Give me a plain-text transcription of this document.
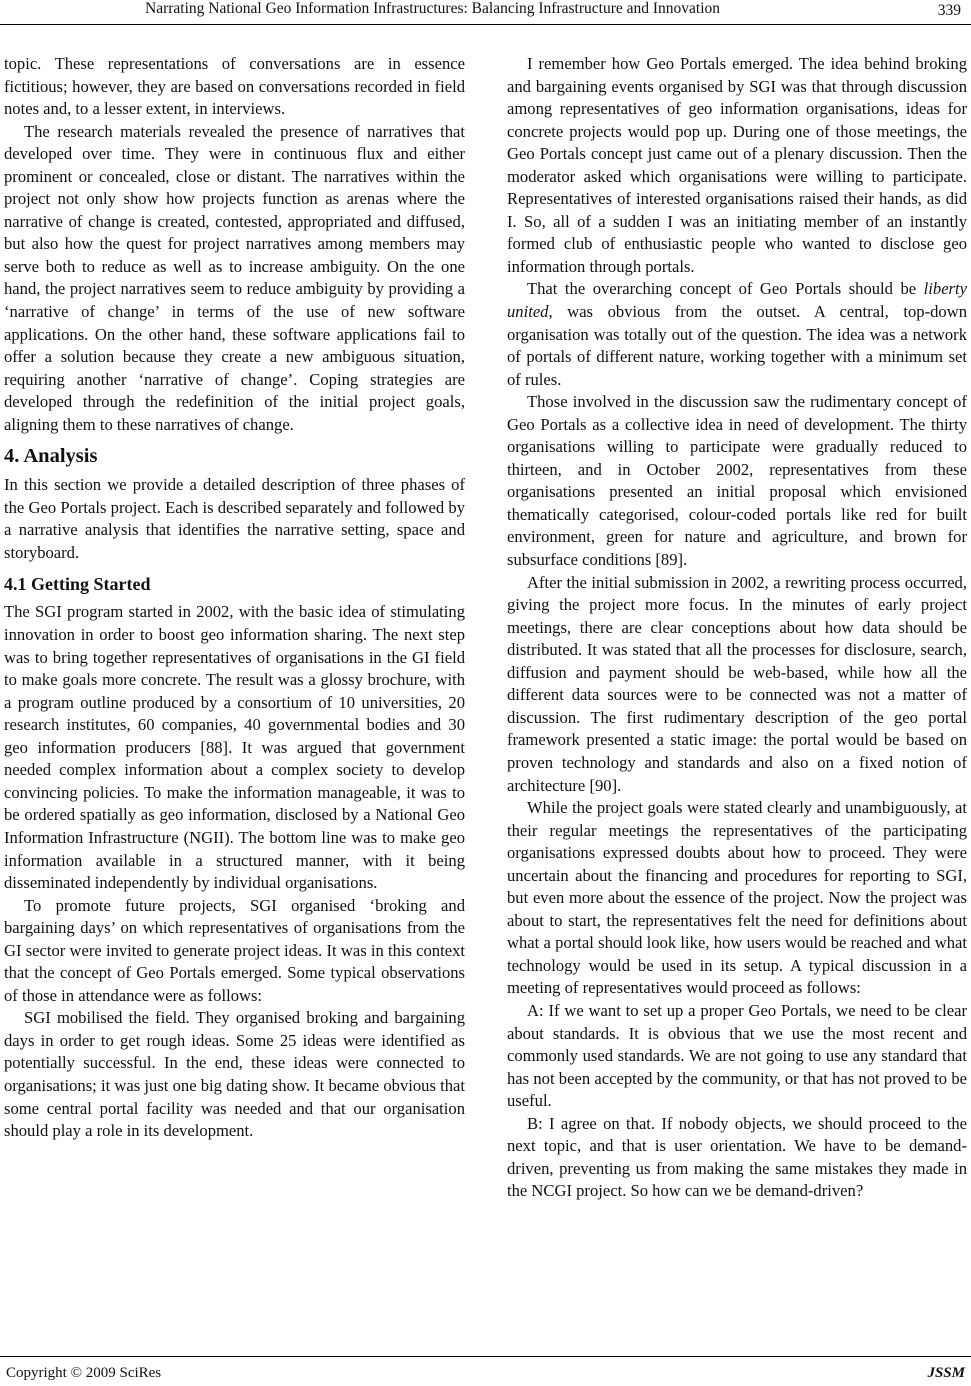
Narrating National Geo Information Infrastructures: Balancing Infrastructure and Innovation	339

topic. These representations of conversations are in essence fictitious; however, they are based on conversations recorded in field notes and, to a lesser extent, in interviews.

The research materials revealed the presence of narratives that developed over time. They were in continuous flux and either prominent or concealed, close or distant. The narratives within the project not only show how projects function as arenas where the narrative of change is created, contested, appropriated and diffused, but also how the quest for project narratives among members may serve both to reduce as well as to increase ambiguity. On the one hand, the project narratives seem to reduce ambiguity by providing a ‘narrative of change’ in terms of the use of new software applications. On the other hand, these software applications fail to offer a solution because they create a new ambiguous situation, requiring another ‘narrative of change’. Coping strategies are developed through the redefinition of the initial project goals, aligning them to these narratives of change.

4. Analysis

In this section we provide a detailed description of three phases of the Geo Portals project. Each is described separately and followed by a narrative analysis that identifies the narrative setting, space and storyboard.

4.1 Getting Started

The SGI program started in 2002, with the basic idea of stimulating innovation in order to boost geo information sharing. The next step was to bring together representatives of organisations in the GI field to make goals more concrete. The result was a glossy brochure, with a program outline produced by a consortium of 10 universities, 20 research institutes, 60 companies, 40 governmental bodies and 30 geo information producers [88]. It was argued that government needed complex information about a complex society to develop convincing policies. To make the information manageable, it was to be ordered spatially as geo information, disclosed by a National Geo Information Infrastructure (NGII). The bottom line was to make geo information available in a structured manner, with it being disseminated independently by individual organisations.

To promote future projects, SGI organised ‘broking and bargaining days’ on which representatives of organisations from the GI sector were invited to generate project ideas. It was in this context that the concept of Geo Portals emerged. Some typical observations of those in attendance were as follows:

SGI mobilised the field. They organised broking and bargaining days in order to get rough ideas. Some 25 ideas were identified as potentially successful. In the end, these ideas were connected to organisations; it was just one big dating show. It became obvious that some central portal facility was needed and that our organisation should play a role in its development.

I remember how Geo Portals emerged. The idea behind broking and bargaining events organised by SGI was that through discussion among representatives of geo information organisations, ideas for concrete projects would pop up. During one of those meetings, the Geo Portals concept just came out of a plenary discussion. Then the moderator asked which organisations were willing to participate. Representatives of interested organisations raised their hands, as did I. So, all of a sudden I was an initiating member of an instantly formed club of enthusiastic people who wanted to disclose geo information through portals.

That the overarching concept of Geo Portals should be liberty united, was obvious from the outset. A central, top-down organisation was totally out of the question. The idea was a network of portals of different nature, working together with a minimum set of rules.

Those involved in the discussion saw the rudimentary concept of Geo Portals as a collective idea in need of development. The thirty organisations willing to participate were gradually reduced to thirteen, and in October 2002, representatives from these organisations presented an initial proposal which envisioned thematically categorised, colour-coded portals like red for built environment, green for nature and agriculture, and brown for subsurface conditions [89].

After the initial submission in 2002, a rewriting process occurred, giving the project more focus. In the minutes of early project meetings, there are clear conceptions about how data should be distributed. It was stated that all the processes for disclosure, search, diffusion and payment should be web-based, while how all the different data sources were to be connected was not a matter of discussion. The first rudimentary description of the geo portal framework presented a static image: the portal would be based on proven technology and standards and also on a fixed notion of architecture [90].

While the project goals were stated clearly and unambiguously, at their regular meetings the representatives of the participating organisations expressed doubts about how to proceed. They were uncertain about the financing and procedures for reporting to SGI, but even more about the essence of the project. Now the project was about to start, the representatives felt the need for definitions about what a portal should look like, how users would be reached and what technology would be used in its setup. A typical discussion in a meeting of representatives would proceed as follows:

A: If we want to set up a proper Geo Portals, we need to be clear about standards. It is obvious that we use the most recent and commonly used standards. We are not going to use any standard that has not been accepted by the community, or that has not proved to be useful.

B: I agree on that. If nobody objects, we should proceed to the next topic, and that is user orientation. We have to be demand-driven, preventing us from making the same mistakes they made in the NCGI project. So how can we be demand-driven?

Copyright © 2009 SciRes	JSSM
